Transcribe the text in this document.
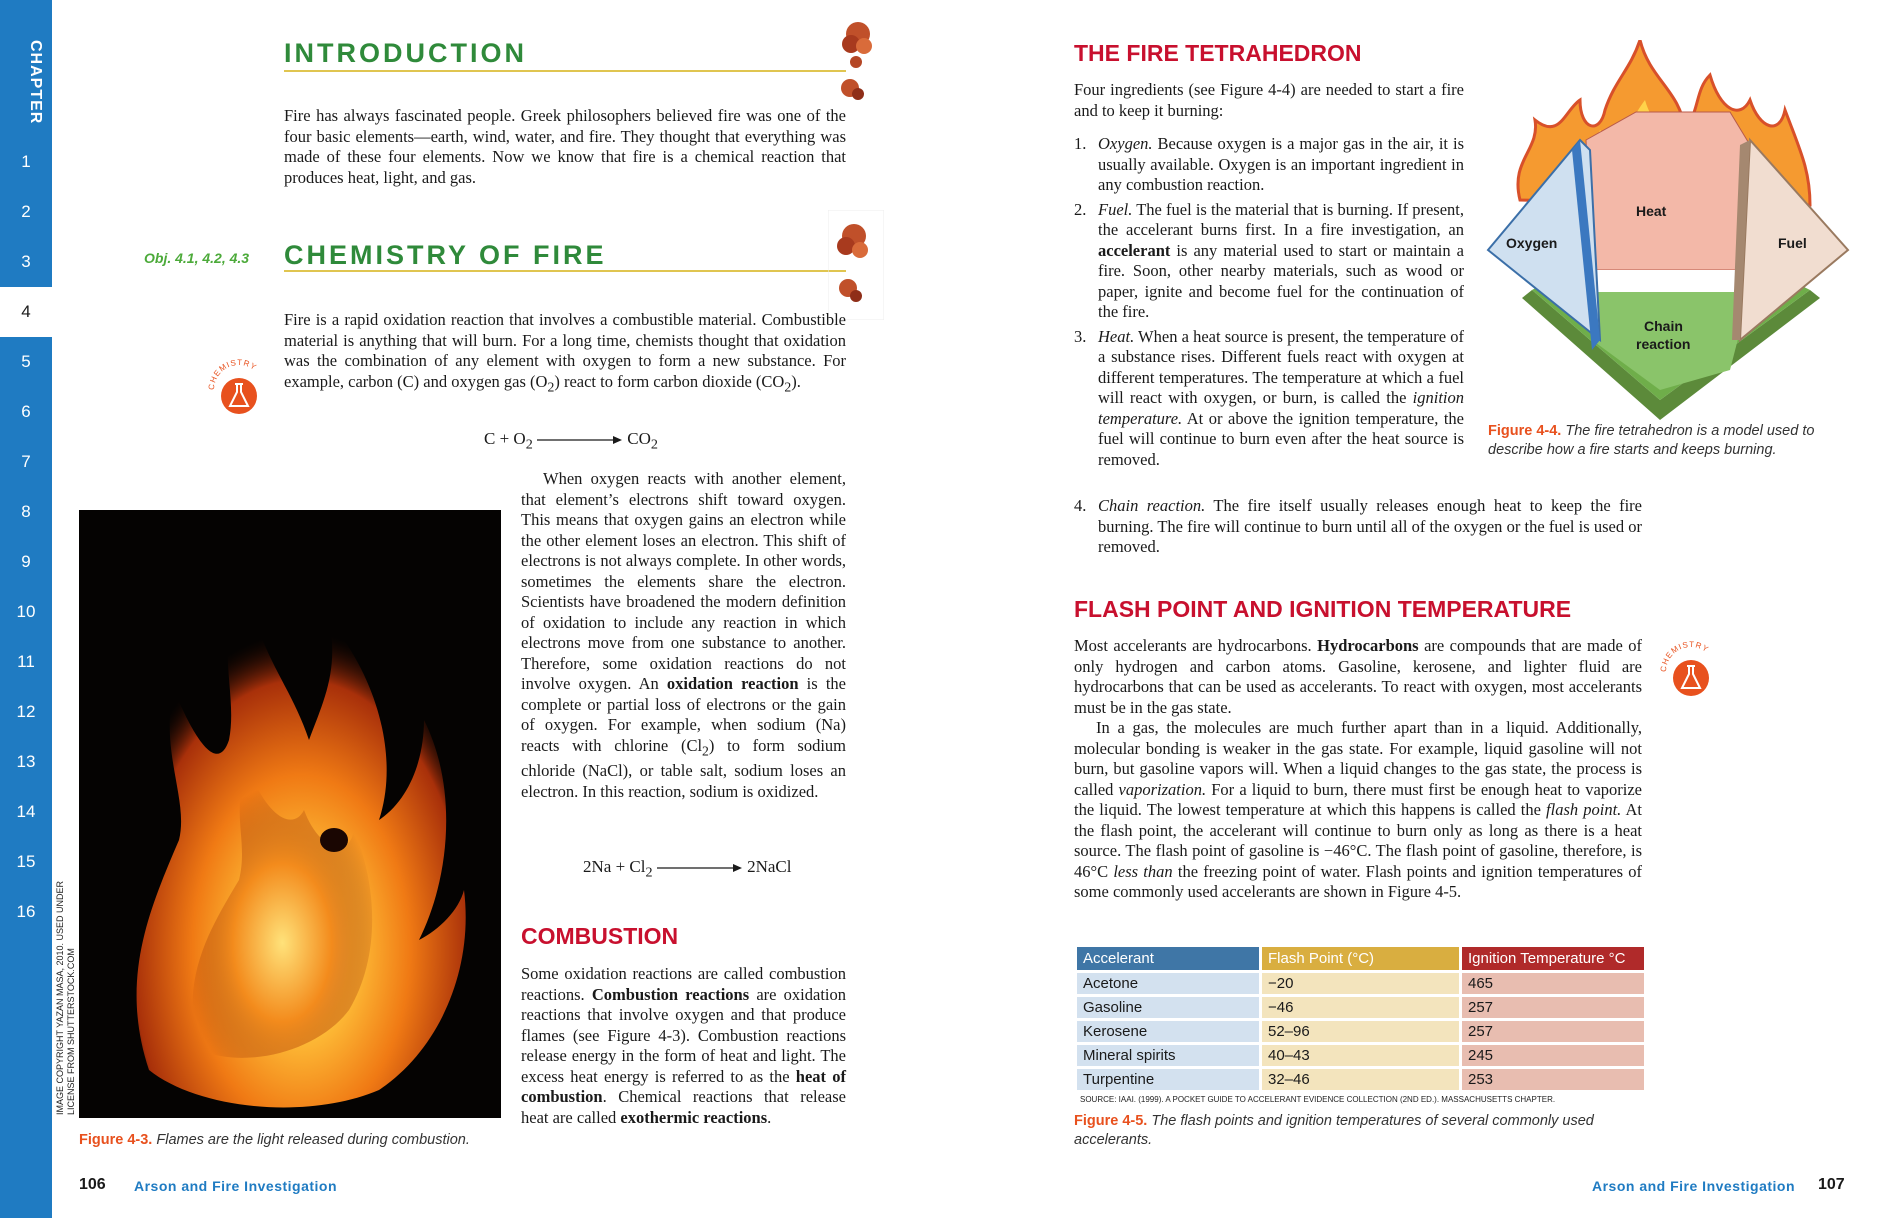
CHAPTER
1
2
3
4
5
6
7
8
9
10
11
12
13
14
15
16
INTRODUCTION
Fire has always fascinated people. Greek philosophers believed fire was one of the four basic elements—earth, wind, water, and fire. They thought that everything was made of these four elements. Now we know that fire is a chemical reaction that produces heat, light, and gas.
Obj. 4.1, 4.2, 4.3 CHEMISTRY OF FIRE
CHEMISTRY
Fire is a rapid oxidation reaction that involves a combustible material. Combustible material is anything that will burn. For a long time, chemists thought that oxidation was the combination of any element with oxygen to form a new substance. For example, carbon (C) and oxygen gas $(O_2)$ react to form carbon dioxide $(CO_2)$.
$C + O_2$	$CO_2$

When oxygen reacts with another element, that element’s electrons shift toward oxygen. This means that oxygen gains an electron while the other element loses an electron. This shift of electrons is not always complete. In other words, sometimes the elements share the electron. Scientists have broadened the modern definition of oxidation to include any reaction in which electrons move from one substance to another. Therefore, some oxidation reactions do not involve oxygen. An oxidation reaction is the complete or partial loss of electrons or the gain of oxygen. For example, when sodium (Na) reacts with chlorine $(Cl_2)$ to form sodium chloride (NaCl), or table salt, sodium loses an electron. In this reaction, sodium is oxidized.

$2Na + Cl_2$	2NaCl
IMAGE COPYRIGHT YAZAN MASA, 2010. USED UNDER LICENSE FROM SHUTTERSTOCK.COM
Figure 4-3. Flames are the light released during combustion.
COMBUSTION
Some oxidation reactions are called combustion reactions. Combustion reactions are oxidation reactions that involve oxygen and that produce flames (see Figure 4-3). Combustion reactions release energy in the form of heat and light. The excess heat energy is referred to as the heat of combustion. Chemical reactions that release heat are called exothermic reactions.
106 Arson and Fire Investigation
THE FIRE TETRAHEDRON
Four ingredients (see Figure 4-4) are needed to start a fire and to keep it burning:
1. Oxygen. Because oxygen is a major gas in the air, it is usually available. Oxygen is an important ingredient in any combustion reaction.
2. Fuel. The fuel is the material that is burning. If present, the accelerant burns first. In a fire investigation, an accelerant is any material used to start or maintain a fire. Soon, other nearby materials, such as wood or paper, ignite and become fuel for the continuation of the fire.
3. Heat. When a heat source is present, the temperature of a substance rises. Different fuels react with oxygen at different temperatures. The temperature at which a fuel will react with oxygen, or burn, is called the ignition temperature. At or above the ignition temperature, the fuel will continue to burn even after the heat source is removed.
4. Chain reaction. The fire itself usually releases enough heat to keep the fire burning. The fire will continue to burn until all of the oxygen or the fuel is used or removed.
Heat
Oxygen	Fuel
Chain
reaction
Figure 4-4. The fire tetrahedron is a model used to describe how a fire starts and keeps burning.
FLASH POINT AND IGNITION TEMPERATURE
CHEMISTRY

Most accelerants are hydrocarbons. Hydrocarbons are compounds that are made of only hydrogen and carbon atoms. Gasoline, kerosene, and lighter fluid are hydrocarbons that can be used as accelerants. To react with oxygen, most accelerants must be in the gas state.

In a gas, the molecules are much further apart than in a liquid. Additionally, molecular bonding is weaker in the gas state. For example, liquid gasoline will not burn, but gasoline vapors will. When a liquid changes to the gas state, the process is called vaporization. For a liquid to burn, there must first be enough heat to vaporize the liquid. The lowest temperature at which this happens is called the flash point. At the flash point, the accelerant will continue to burn only as long as there is a heat source. The flash point of gasoline is −46°C. The flash point of gasoline, therefore, is 46°C less than the freezing point of water. Flash points and ignition temperatures of some commonly used accelerants are shown in Figure 4-5.

Accelerant	Flash Point (°C)	Ignition Temperature °C
Acetone	−20	465
Gasoline	−46	257
Kerosene	52–96	257
Mineral spirits	40–43	245
Turpentine	32–46	253
SOURCE: IAAI. (1999). A POCKET GUIDE TO ACCELERANT EVIDENCE COLLECTION (2ND ED.). MASSACHUSETTS CHAPTER.
Figure 4-5. The flash points and ignition temperatures of several commonly used accelerants.
Arson and Fire Investigation 107
